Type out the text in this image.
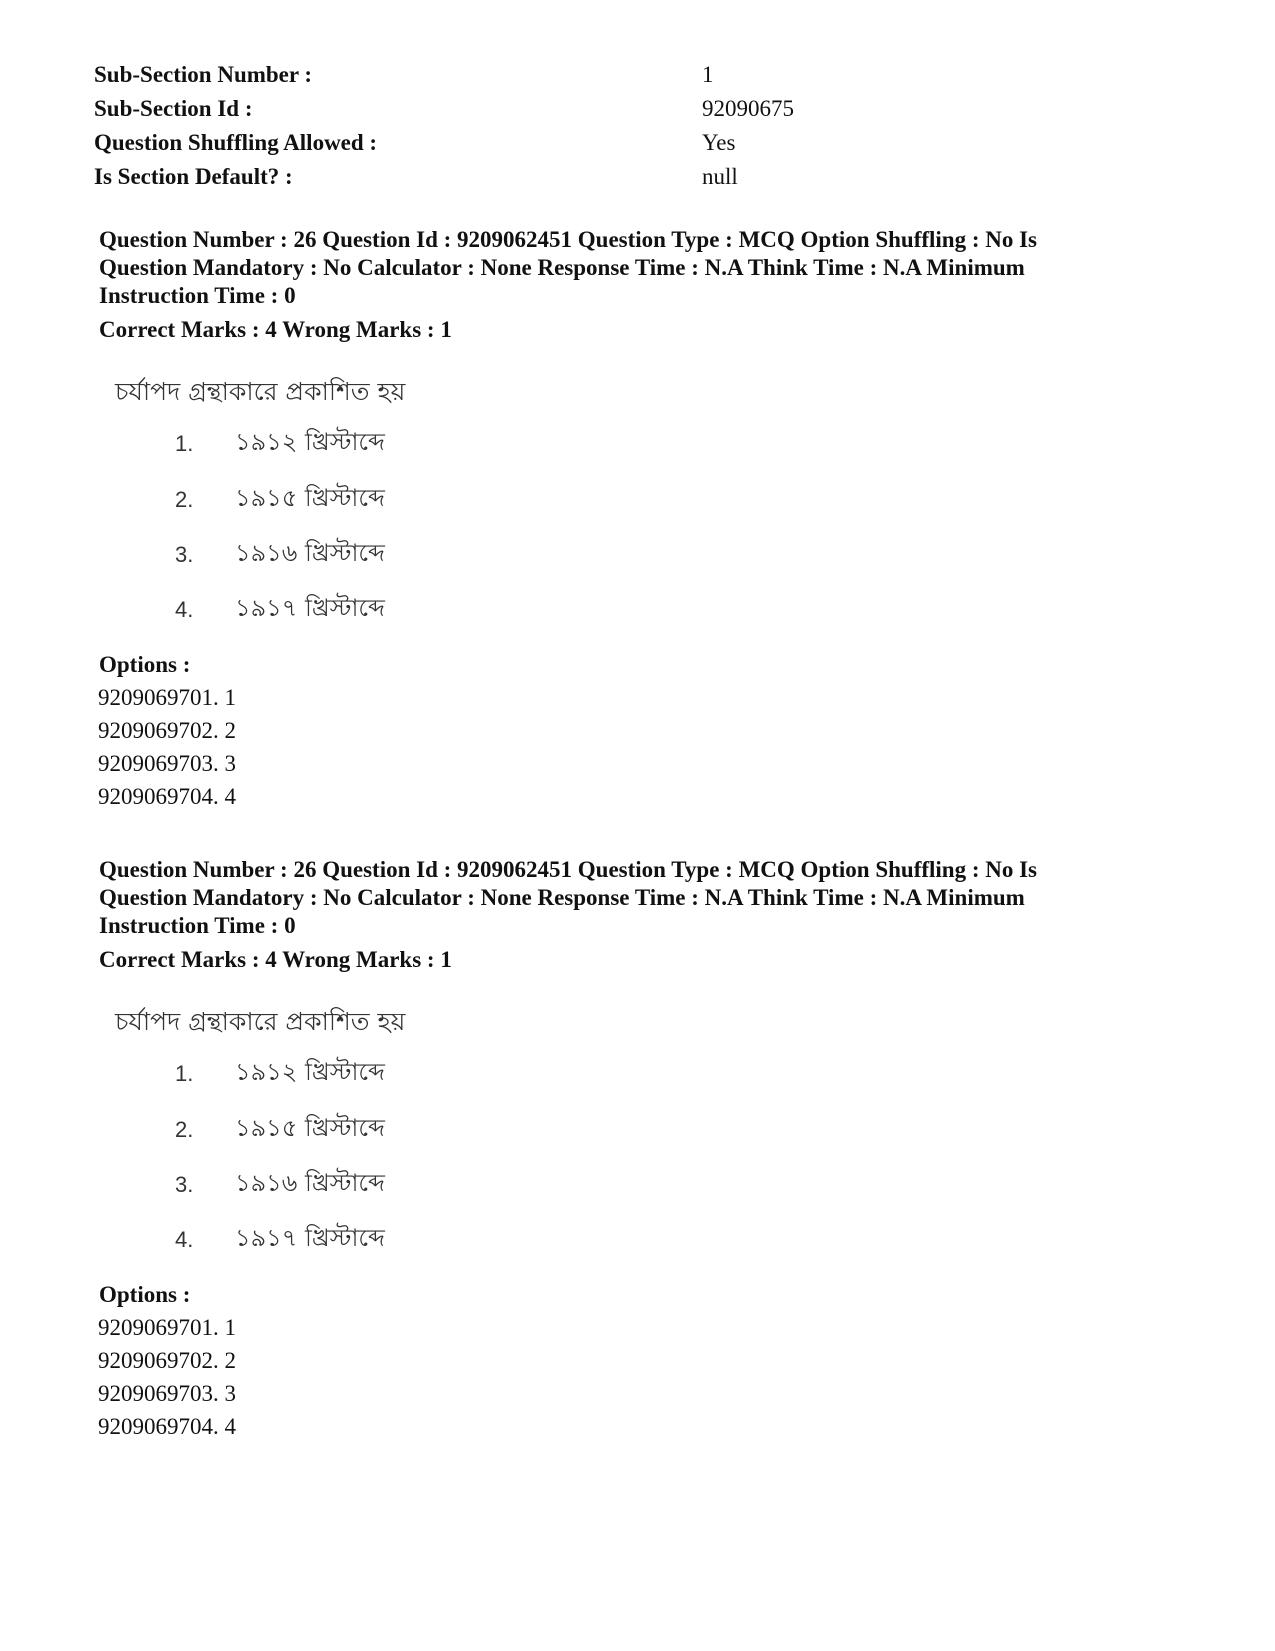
Sub-Section Number :	1
Sub-Section Id :	92090675
Question Shuffling Allowed :	Yes
Is Section Default? :	null
Question Number : 26 Question Id : 9209062451 Question Type : MCQ Option Shuffling : No Is Question Mandatory : No Calculator : None Response Time : N.A Think Time : N.A Minimum Instruction Time : 0
Correct Marks : 4 Wrong Marks : 1
চর্যাপদ গ্রন্থাকারে প্রকাশিত হয়
1.	১৯১২ খ্রিস্টাব্দে
2.	১৯১৫ খ্রিস্টাব্দে
3.	১৯১৬ খ্রিস্টাব্দে
4.	১৯১৭ খ্রিস্টাব্দে
Options :
9209069701. 1
9209069702. 2
9209069703. 3
9209069704. 4
Question Number : 26 Question Id : 9209062451 Question Type : MCQ Option Shuffling : No Is Question Mandatory : No Calculator : None Response Time : N.A Think Time : N.A Minimum Instruction Time : 0
Correct Marks : 4 Wrong Marks : 1
চর্যাপদ গ্রন্থাকারে প্রকাশিত হয়
1.	১৯১২ খ্রিস্টাব্দে
2.	১৯১৫ খ্রিস্টাব্দে
3.	১৯১৬ খ্রিস্টাব্দে
4.	১৯১৭ খ্রিস্টাব্দে
Options :
9209069701. 1
9209069702. 2
9209069703. 3
9209069704. 4
